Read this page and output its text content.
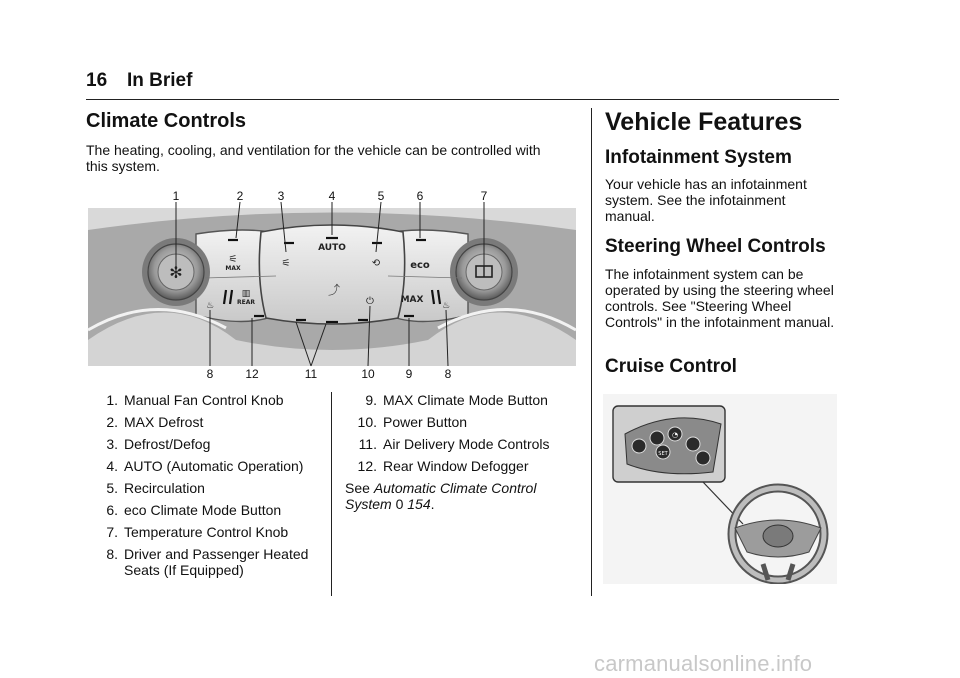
16 In Brief
Climate Controls
The heating, cooling, and ventilation for the vehicle can be controlled with this system.
✻
⚟
MAX	⚟
AUTO
⟲	eco
▥
REAR
⤴
⏻	MAX
♨	♨
1	2	3	4	5	6	7
8	12	11	10	9	8
1. Manual Fan Control Knob
2. MAX Defrost
3. Defrost/Defog
4. AUTO (Automatic Operation)
5. Recirculation
6. eco Climate Mode Button
7. Temperature Control Knob
8. Driver and Passenger Heated Seats (If Equipped)
9. MAX Climate Mode Button
10. Power Button
11. Air Delivery Mode Controls
12. Rear Window Defogger
See Automatic Climate Control System 0 154.
Vehicle Features
Infotainment System
Your vehicle has an infotainment system. See the infotainment manual.
Steering Wheel Controls
The infotainment system can be operated by using the steering wheel controls. See "Steering Wheel Controls" in the infotainment manual.
Cruise Control
SET
◔
carmanualsonline.info
